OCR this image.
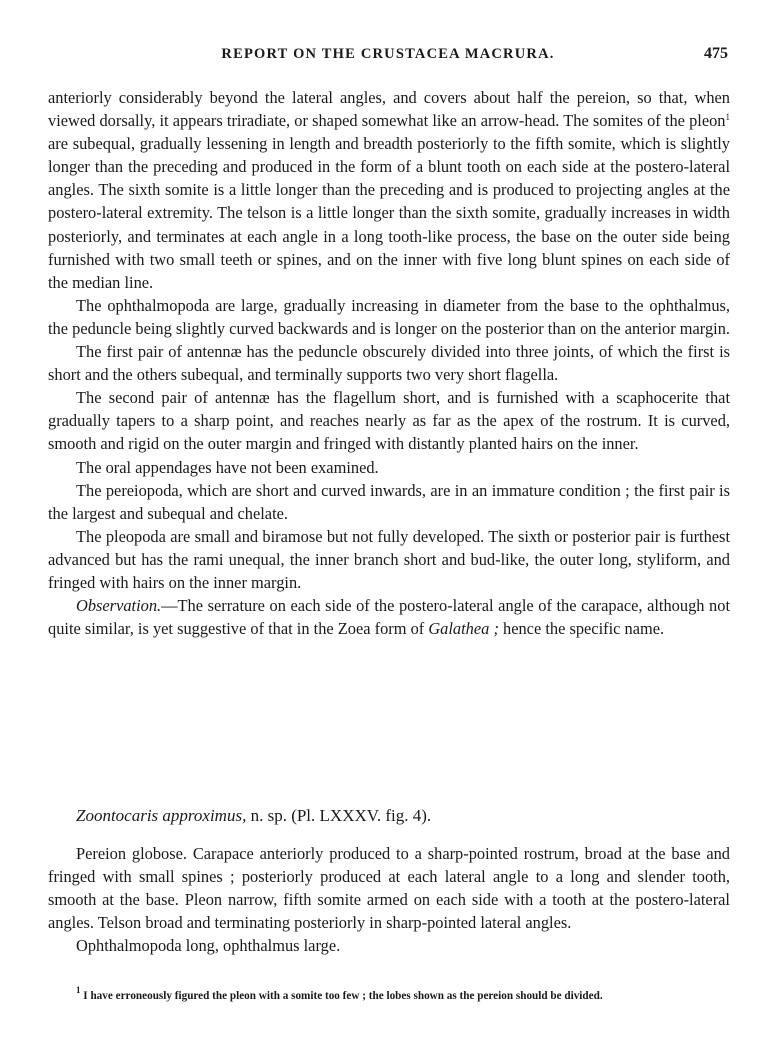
REPORT ON THE CRUSTACEA MACRURA.	475

anteriorly considerably beyond the lateral angles, and covers about half the pereion, so that, when viewed dorsally, it appears triradiate, or shaped somewhat like an arrow-head. The somites of the pleon$^1$ are subequal, gradually lessening in length and breadth posteriorly to the fifth somite, which is slightly longer than the preceding and produced in the form of a blunt tooth on each side at the postero-lateral angles. The sixth somite is a little longer than the preceding and is produced to projecting angles at the postero-lateral extremity. The telson is a little longer than the sixth somite, gradually increases in width posteriorly, and terminates at each angle in a long tooth-like process, the base on the outer side being furnished with two small teeth or spines, and on the inner with five long blunt spines on each side of the median line.

The ophthalmopoda are large, gradually increasing in diameter from the base to the ophthalmus, the peduncle being slightly curved backwards and is longer on the posterior than on the anterior margin.

The first pair of antennæ has the peduncle obscurely divided into three joints, of which the first is short and the others subequal, and terminally supports two very short flagella.

The second pair of antennæ has the flagellum short, and is furnished with a scaphocerite that gradually tapers to a sharp point, and reaches nearly as far as the apex of the rostrum. It is curved, smooth and rigid on the outer margin and fringed with distantly planted hairs on the inner.

The oral appendages have not been examined.

The pereiopoda, which are short and curved inwards, are in an immature condition ; the first pair is the largest and subequal and chelate.

The pleopoda are small and biramose but not fully developed. The sixth or posterior pair is furthest advanced but has the rami unequal, the inner branch short and bud-like, the outer long, styliform, and fringed with hairs on the inner margin.

Observation.—The serrature on each side of the postero-lateral angle of the carapace, although not quite similar, is yet suggestive of that in the Zoea form of Galathea ; hence the specific name.

Zoontocaris approximus, n. sp. (Pl. LXXXV. fig. 4).

Pereion globose. Carapace anteriorly produced to a sharp-pointed rostrum, broad at the base and fringed with small spines ; posteriorly produced at each lateral angle to a long and slender tooth, smooth at the base. Pleon narrow, fifth somite armed on each side with a tooth at the postero-lateral angles. Telson broad and terminating posteriorly in sharp-pointed lateral angles.

Ophthalmopoda long, ophthalmus large.

$^1$ I have erroneously figured the pleon with a somite too few ; the lobes shown as the pereion should be divided.
